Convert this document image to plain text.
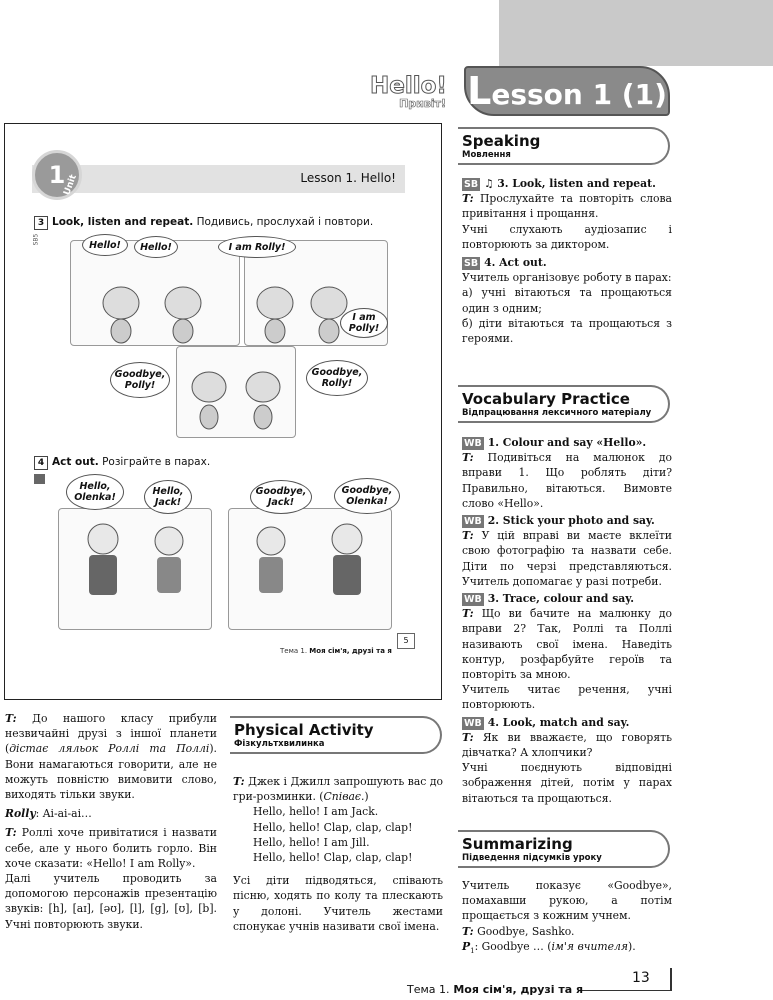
Hello!
Привіт! Lesson 1 (1)
1
Unit	Lesson 1. Hello!
3 Look, listen and repeat. Подивись, прослухай і повтори.
SB5	Hello!	Hello!	I am Rolly!
I am Polly!
Goodbye, Polly!
Goodbye, Rolly!
4 Act out. Розіграйте в парах.
Hello, Olenka!
Hello, Jack!
Goodbye, Jack!
Goodbye, Olenka!
5
Тема 1. Моя сім'я, друзі та я
Speaking
Мовлення

SB ♫ 3. Look, listen and repeat.

T: Прослухайте та повторіть слова привітання і прощання.

Учні слухають аудіозапис і повторюють за диктором.

SB 4. Act out.

Учитель організовує роботу в парах:

а) учні вітаються та прощаються один з одним;

б) діти вітаються та прощаються з героями.

Vocabulary Practice
Відпрацювання лексичного матеріалу

WB 1. Colour and say «Hello».

T: Подивіться на малюнок до вправи 1. Що роблять діти? Правильно, вітаються. Вимовте слово «Hello».

WB 2. Stick your photo and say.

T: У цій вправі ви маєте вклеїти свою фотографію та назвати себе. Діти по черзі представляються. Учитель допомагає у разі потреби.

WB 3. Trace, colour and say.

T: Що ви бачите на малюнку до вправи 2? Так, Роллі та Поллі називають свої імена. Наведіть контур, розфарбуйте героїв та повторіть за мною.

Учитель читає речення, учні повторюють.

WB 4. Look, match and say.

T: Як ви вважаєте, що говорять дівчатка? А хлопчики?

Учні поєднують відповідні зображення дітей, потім у парах вітаються та прощаються.

Summarizing
Підведення підсумків уроку

Учитель показує «Goodbye», помахавши рукою, а потім прощається з кожним учнем.

T: Goodbye, Sashko.

$P_1$: Goodbye … (ім'я вчителя).

T: До нашого класу прибули незвичайні друзі з іншої планети (дістає ляльок Роллі та Поллі). Вони намагаються говорити, але не можуть повністю вимовити слово, виходять тільки звуки.

Rolly: Ai-ai-ai…

T: Роллі хоче привітатися і назвати себе, але у нього болить горло. Він хоче сказати: «Hello! I am Rolly».

Далі учитель проводить за допомогою персонажів презентацію звуків: [h], [aɪ], [əʊ], [l], [g], [ʊ], [b]. Учні повторюють звуки.

Physical Activity
Фізкультхвилинка

T: Джек і Джилл запрошують вас до гри-розминки. (Співає.)

Hello, hello! I am Jack.

Hello, hello! Clap, clap, clap!

Hello, hello! I am Jill.

Hello, hello! Clap, clap, clap!

Усі діти підводяться, співають пісню, ходять по колу та плескають у долоні. Учитель жестами спонукає учнів називати свої імена.

13
Тема 1. Моя сім'я, друзі та я
